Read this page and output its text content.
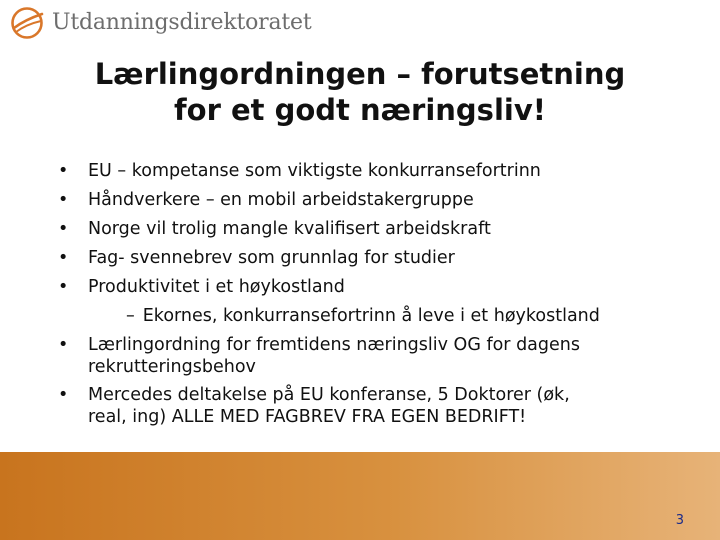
Utdanningsdirektoratet
Lærlingordningen – forutsetning
for et godt næringsliv!
•	EU – kompetanse som viktigste konkurransefortrinn
•	Håndverkere – en mobil arbeidstakergruppe
•	Norge vil trolig mangle kvalifisert arbeidskraft
•	Fag- svennebrev som grunnlag for studier
•	Produktivitet i et høykostland
– Ekornes, konkurransefortrinn å leve i et høykostland
•	Lærlingordning for fremtidens næringsliv OG for dagens
rekrutteringsbehov
•	Mercedes deltakelse på EU konferanse, 5 Doktorer (øk,
real, ing) ALLE MED FAGBREV FRA EGEN BEDRIFT!
3
